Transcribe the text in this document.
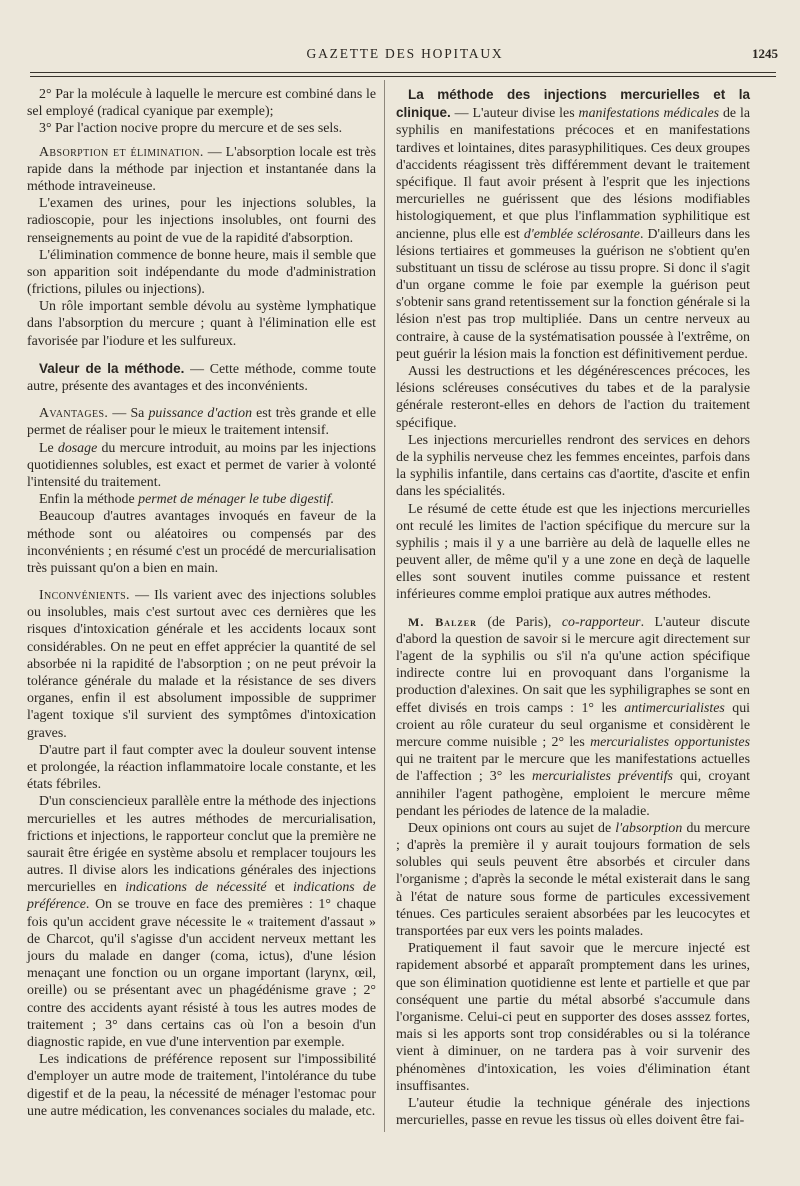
GAZETTE DES HOPITAUX	1245

2° Par la molécule à laquelle le mercure est combiné dans le sel employé (radical cyanique par exemple);

3° Par l'action nocive propre du mercure et de ses sels.

Absorption et élimination. — L'absorption locale est très rapide dans la méthode par injection et instantanée dans la méthode intraveineuse.

L'examen des urines, pour les injections solubles, la radioscopie, pour les injections insolubles, ont fourni des renseignements au point de vue de la rapidité d'absorption.

L'élimination commence de bonne heure, mais il semble que son apparition soit indépendante du mode d'administration (frictions, pilules ou injections).

Un rôle important semble dévolu au système lymphatique dans l'absorption du mercure ; quant à l'élimination elle est favorisée par l'iodure et les sulfureux.

Valeur de la méthode. — Cette méthode, comme toute autre, présente des avantages et des inconvénients.

Avantages. — Sa puissance d'action est très grande et elle permet de réaliser pour le mieux le traitement intensif.

Le dosage du mercure introduit, au moins par les injections quotidiennes solubles, est exact et permet de varier à volonté l'intensité du traitement.

Enfin la méthode permet de ménager le tube digestif.

Beaucoup d'autres avantages invoqués en faveur de la méthode sont ou aléatoires ou compensés par des inconvénients ; en résumé c'est un procédé de mercurialisation très puissant qu'on a bien en main.

Inconvénients. — Ils varient avec des injections solubles ou insolubles, mais c'est surtout avec ces dernières que les risques d'intoxication générale et les accidents locaux sont considérables. On ne peut en effet apprécier la quantité de sel absorbée ni la rapidité de l'absorption ; on ne peut prévoir la tolérance générale du malade et la résistance de ses divers organes, enfin il est absolument impossible de supprimer l'agent toxique s'il survient des symptômes d'intoxication graves.

D'autre part il faut compter avec la douleur souvent intense et prolongée, la réaction inflammatoire locale constante, et les états fébriles.

D'un consciencieux parallèle entre la méthode des injections mercurielles et les autres méthodes de mercurialisation, frictions et injections, le rapporteur conclut que la première ne saurait être érigée en système absolu et remplacer toujours les autres. Il divise alors les indications générales des injections mercurielles en indications de nécessité et indications de préférence. On se trouve en face des premières : 1° chaque fois qu'un accident grave nécessite le « traitement d'assaut » de Charcot, qu'il s'agisse d'un accident nerveux mettant les jours du malade en danger (coma, ictus), d'une lésion menaçant une fonction ou un organe important (larynx, œil, oreille) ou se présentant avec un phagédénisme grave ; 2° contre des accidents ayant résisté à tous les autres modes de traitement ; 3° dans certains cas où l'on a besoin d'un diagnostic rapide, en vue d'une intervention par exemple.

Les indications de préférence reposent sur l'impossibilité d'employer un autre mode de traitement, l'intolérance du tube digestif et de la peau, la nécessité de ménager l'estomac pour une autre médication, les convenances sociales du malade, etc.

La méthode des injections mercurielles et la clinique. — L'auteur divise les manifestations médicales de la syphilis en manifestations précoces et en manifestations tardives et lointaines, dites parasyphilitiques. Ces deux groupes d'accidents réagissent très différemment devant le traitement spécifique. Il faut avoir présent à l'esprit que les injections mercurielles ne guérissent que des lésions modifiables histologiquement, et que plus l'inflammation syphilitique est ancienne, plus elle est d'emblée sclérosante. D'ailleurs dans les lésions tertiaires et gommeuses la guérison ne s'obtient qu'en substituant un tissu de sclérose au tissu propre. Si donc il s'agit d'un organe comme le foie par exemple la guérison peut s'obtenir sans grand retentissement sur la fonction générale si la lésion n'est pas trop multipliée. Dans un centre nerveux au contraire, à cause de la systématisation poussée à l'extrême, on peut guérir la lésion mais la fonction est définitivement perdue.

Aussi les destructions et les dégénérescences précoces, les lésions scléreuses consécutives du tabes et de la paralysie générale resteront-elles en dehors de l'action du traitement spécifique.

Les injections mercurielles rendront des services en dehors de la syphilis nerveuse chez les femmes enceintes, parfois dans la syphilis infantile, dans certains cas d'aortite, d'ascite et enfin dans les spécialités.

Le résumé de cette étude est que les injections mercurielles ont reculé les limites de l'action spécifique du mercure sur la syphilis ; mais il y a une barrière au delà de laquelle elles ne peuvent aller, de même qu'il y a une zone en deçà de laquelle elles sont souvent inutiles comme puissance et restent inférieures comme emploi pratique aux autres méthodes.

M. Balzer (de Paris), co-rapporteur. L'auteur discute d'abord la question de savoir si le mercure agit directement sur l'agent de la syphilis ou s'il n'a qu'une action spécifique indirecte contre lui en provoquant dans l'organisme la production d'alexines. On sait que les syphiligraphes se sont en effet divisés en trois camps : 1° les antimercurialistes qui croient au rôle curateur du seul organisme et considèrent le mercure comme nuisible ; 2° les mercurialistes opportunistes qui ne traitent par le mercure que les manifestations actuelles de l'affection ; 3° les mercurialistes préventifs qui, croyant annihiler l'agent pathogène, emploient le mercure même pendant les périodes de latence de la maladie.

Deux opinions ont cours au sujet de l'absorption du mercure ; d'après la première il y aurait toujours formation de sels solubles qui seuls peuvent être absorbés et circuler dans l'organisme ; d'après la seconde le métal existerait dans le sang à l'état de nature sous forme de particules excessivement ténues. Ces particules seraient absorbées par les leucocytes et transportées par eux vers les points malades.

Pratiquement il faut savoir que le mercure injecté est rapidement absorbé et apparaît promptement dans les urines, que son élimination quotidienne est lente et partielle et que par conséquent une partie du métal absorbé s'accumule dans l'organisme. Celui-ci peut en supporter des doses asssez fortes, mais si les apports sont trop considérables ou si la tolérance vient à diminuer, on ne tardera pas à voir survenir des phénomènes d'intoxication, les voies d'élimination étant insuffisantes.

L'auteur étudie la technique générale des injections mercurielles, passe en revue les tissus où elles doivent être fai-
